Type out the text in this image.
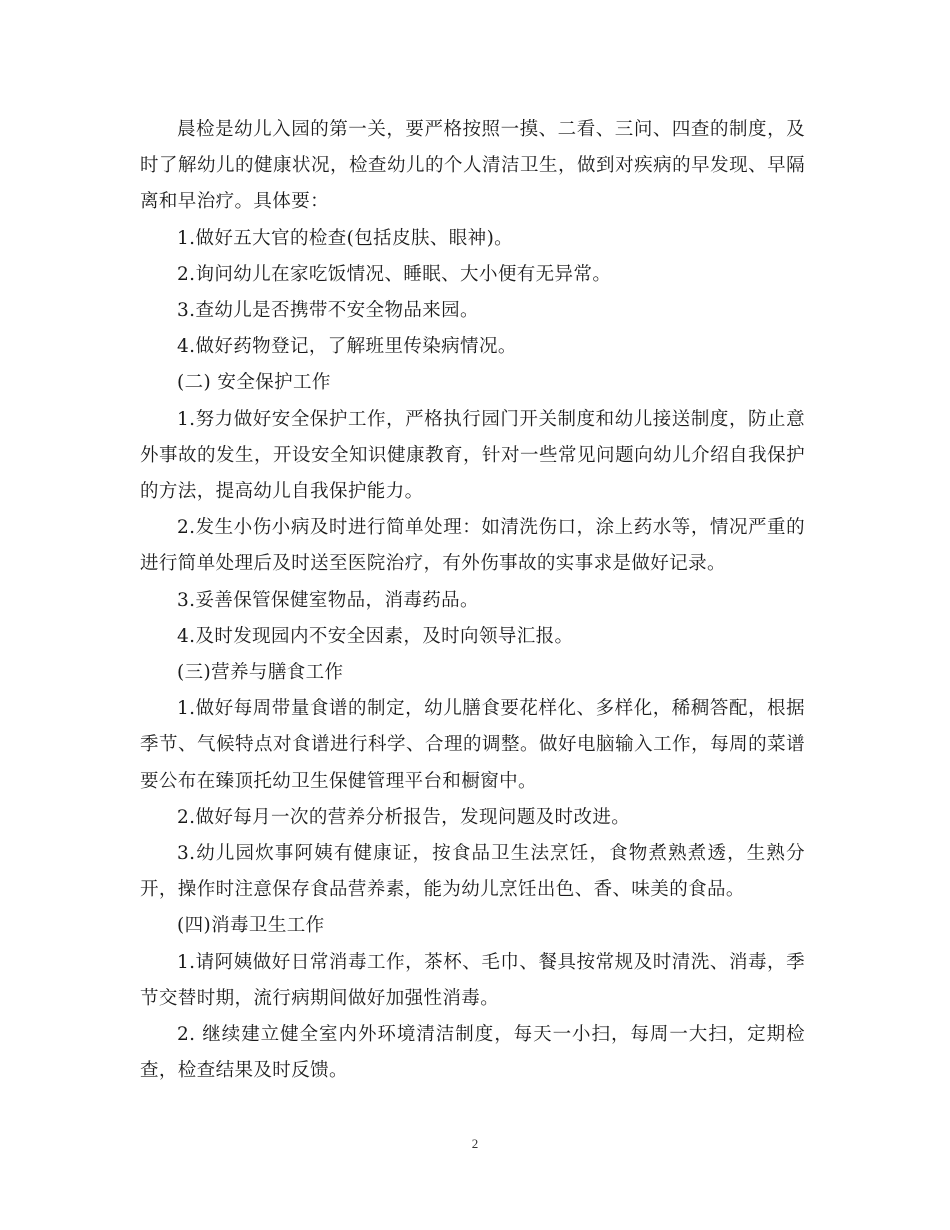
晨检是幼儿入园的第一关，要严格按照一摸、二看、三问、四查的制度，及时了解幼儿的健康状况，检查幼儿的个人清洁卫生，做到对疾病的早发现、早隔离和早治疗。具体要：

1.做好五大官的检查(包括皮肤、眼神)。

2.询问幼儿在家吃饭情况、睡眠、大小便有无异常。

3.查幼儿是否携带不安全物品来园。

4.做好药物登记，了解班里传染病情况。

(二) 安全保护工作

1.努力做好安全保护工作，严格执行园门开关制度和幼儿接送制度，防止意外事故的发生，开设安全知识健康教育，针对一些常见问题向幼儿介绍自我保护的方法，提高幼儿自我保护能力。

2.发生小伤小病及时进行简单处理：如清洗伤口，涂上药水等，情况严重的进行简单处理后及时送至医院治疗，有外伤事故的实事求是做好记录。

3.妥善保管保健室物品，消毒药品。

4.及时发现园内不安全因素，及时向领导汇报。

(三)营养与膳食工作

1.做好每周带量食谱的制定，幼儿膳食要花样化、多样化，稀稠答配，根据季节、气候特点对食谱进行科学、合理的调整。做好电脑输入工作，每周的菜谱要公布在臻顶托幼卫生保健管理平台和橱窗中。

2.做好每月一次的营养分析报告，发现问题及时改进。

3.幼儿园炊事阿姨有健康证，按食品卫生法烹饪，食物煮熟煮透，生熟分开，操作时注意保存食品营养素，能为幼儿烹饪出色、香、味美的食品。

(四)消毒卫生工作

1.请阿姨做好日常消毒工作，茶杯、毛巾、餐具按常规及时清洗、消毒，季节交替时期，流行病期间做好加强性消毒。

2. 继续建立健全室内外环境清洁制度，每天一小扫，每周一大扫，定期检查，检查结果及时反馈。

2
